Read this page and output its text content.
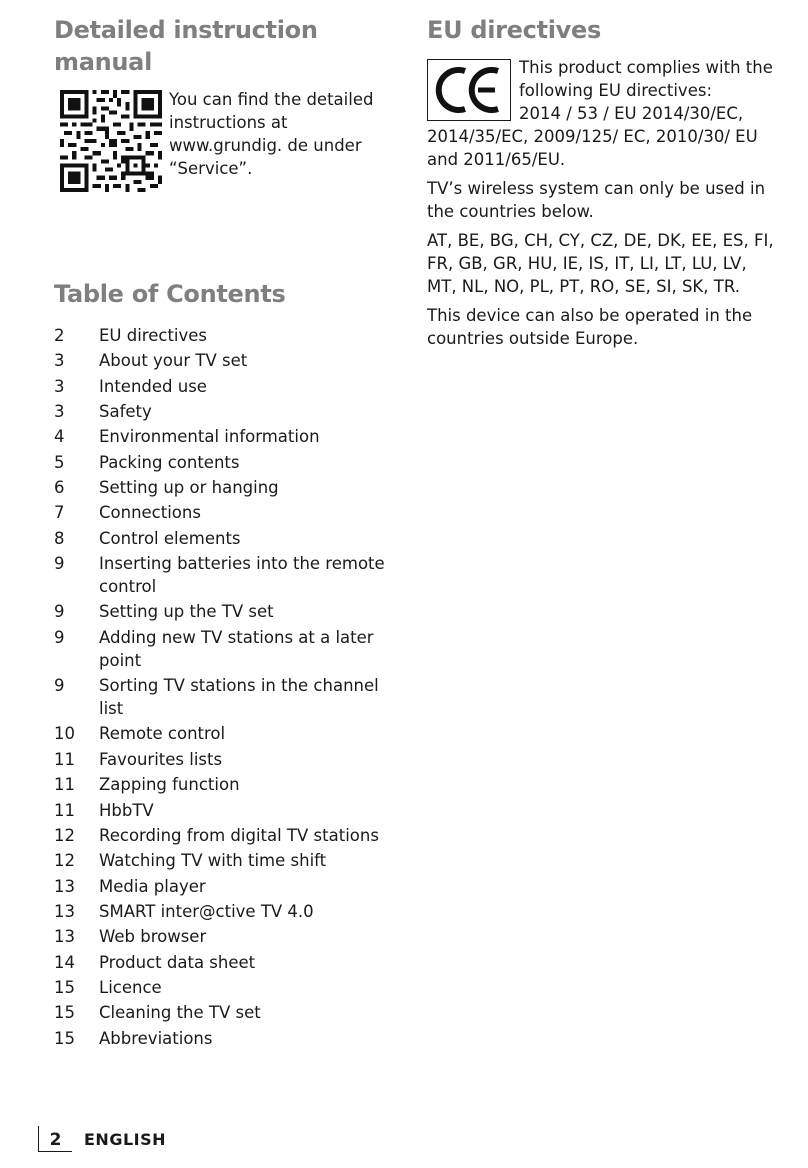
Detailed instruction manual
You can find the detailed instructions at www.grundig. de under “Service”.
Table of Contents
2 EU directives
3 About your TV set
3 Intended use
3 Safety
4 Environmental information
5 Packing contents
6 Setting up or hanging
7 Connections
8 Control elements
9 Inserting batteries into the remote control
9 Setting up the TV set
9 Adding new TV stations at a later point
9 Sorting TV stations in the channel list
10 Remote control
11 Favourites lists
11 Zapping function
11 HbbTV
12 Recording from digital TV stations
12 Watching TV with time shift
13 Media player
13 SMART inter@ctive TV 4.0
13 Web browser
14 Product data sheet
15 Licence
15 Cleaning the TV set
15 Abbreviations
EU directives

This product complies with the following EU directives:
2014 / 53 / EU 2014/30/EC, 2014/35/EC, 2009/125/ EC, 2010/30/ EU and 2011/65/EU.

TV’s wireless system can only be used in the countries below.

AT, BE, BG, CH, CY, CZ, DE, DK, EE, ES, FI, FR, GB, GR, HU, IE, IS, IT, LI, LT, LU, LV, MT, NL, NO, PL, PT, RO, SE, SI, SK, TR.

This device can also be operated in the countries outside Europe.

2 ENGLISH
